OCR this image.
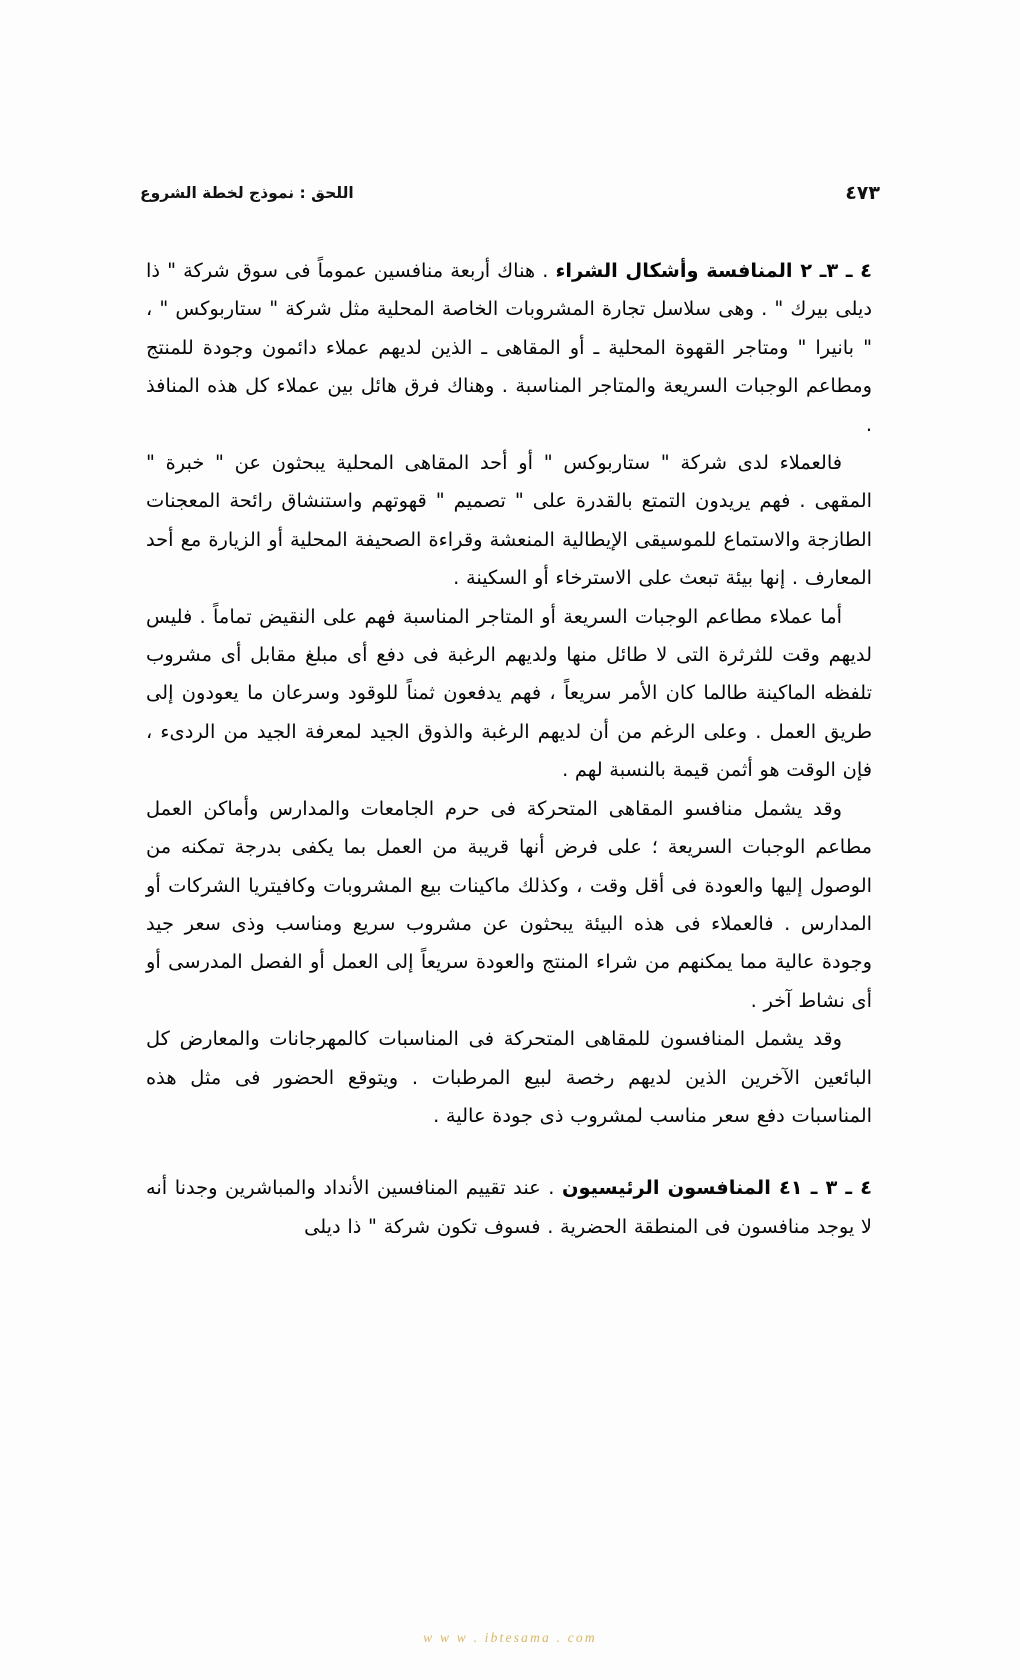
٤٧٣
اللحق : نموذج لخطة الشروع

٤ ـ ٣ـ ٢ المنافسة وأشكال الشراء . هناك أربعة منافسين عموماً فى سوق شركة " ذا ديلى بيرك " . وهى سلاسل تجارة المشروبات الخاصة المحلية مثل شركة " ستاربوكس " ، " بانيرا " ومتاجر القهوة المحلية ـ أو المقاهى ـ الذين لديهم عملاء دائمون وجودة للمنتج ومطاعم الوجبات السريعة والمتاجر المناسبة . وهناك فرق هائل بين عملاء كل هذه المنافذ .

فالعملاء لدى شركة " ستاربوكس " أو أحد المقاهى المحلية يبحثون عن " خبرة " المقهى . فهم يريدون التمتع بالقدرة على " تصميم " قهوتهم واستنشاق رائحة المعجنات الطازجة والاستماع للموسيقى الإيطالية المنعشة وقراءة الصحيفة المحلية أو الزيارة مع أحد المعارف . إنها بيئة تبعث على الاسترخاء أو السكينة .

أما عملاء مطاعم الوجبات السريعة أو المتاجر المناسبة فهم على النقيض تماماً . فليس لديهم وقت للثرثرة التى لا طائل منها ولديهم الرغبة فى دفع أى مبلغ مقابل أى مشروب تلفظه الماكينة طالما كان الأمر سريعاً ، فهم يدفعون ثمناً للوقود وسرعان ما يعودون إلى طريق العمل . وعلى الرغم من أن لديهم الرغبة والذوق الجيد لمعرفة الجيد من الردىء ، فإن الوقت هو أثمن قيمة بالنسبة لهم .

وقد يشمل منافسو المقاهى المتحركة فى حرم الجامعات والمدارس وأماكن العمل مطاعم الوجبات السريعة ؛ على فرض أنها قريبة من العمل بما يكفى بدرجة تمكنه من الوصول إليها والعودة فى أقل وقت ، وكذلك ماكينات بيع المشروبات وكافيتريا الشركات أو المدارس . فالعملاء فى هذه البيئة يبحثون عن مشروب سريع ومناسب وذى سعر جيد وجودة عالية مما يمكنهم من شراء المنتج والعودة سريعاً إلى العمل أو الفصل المدرسى أو أى نشاط آخر .

وقد يشمل المنافسون للمقاهى المتحركة فى المناسبات كالمهرجانات والمعارض كل البائعين الآخرين الذين لديهم رخصة لبيع المرطبات . ويتوقع الحضور فى مثل هذه المناسبات دفع سعر مناسب لمشروب ذى جودة عالية .

٤ ـ ٣ ـ ٤١ المنافسون الرئيسيون . عند تقييم المنافسين الأنداد والمباشرين وجدنا أنه لا يوجد منافسون فى المنطقة الحضرية . فسوف تكون شركة " ذا ديلى

w w w . ibtesama . com
